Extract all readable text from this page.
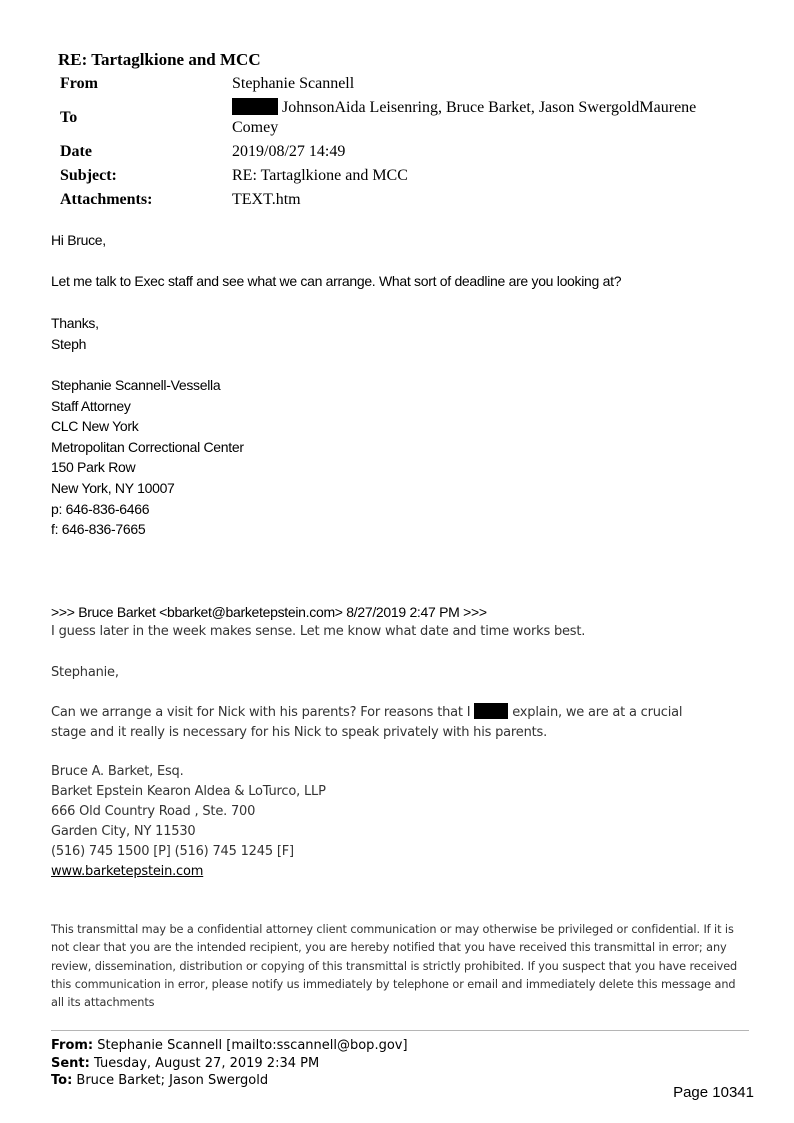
RE: Tartaglkione and MCC
From	Stephanie Scannell
To	JohnsonAida Leisenring, Bruce Barket, Jason SwergoldMaurene
Comey
Date	2019/08/27 14:49
Subject:	RE: Tartaglkione and MCC
Attachments:	TEXT.htm
Hi Bruce,
Let me talk to Exec staff and see what we can arrange. What sort of deadline are you looking at?
Thanks,
Steph
Stephanie Scannell-Vessella
Staff Attorney
CLC New York
Metropolitan Correctional Center
150 Park Row
New York, NY 10007
p: 646-836-6466
f: 646-836-7665
>>> Bruce Barket <bbarket@barketepstein.com> 8/27/2019 2:47 PM >>>
I guess later in the week makes sense. Let me know what date and time works best.
Stephanie,
Can we arrange a visit for Nick with his parents? For reasons that I	explain, we are at a crucial
stage and it really is necessary for his Nick to speak privately with his parents.
Bruce A. Barket, Esq.
Barket Epstein Kearon Aldea & LoTurco, LLP
666 Old Country Road , Ste. 700
Garden City, NY 11530
(516) 745 1500 [P] (516) 745 1245 [F]
www.barketepstein.com
This transmittal may be a confidential attorney client communication or may otherwise be privileged or confidential. If it is not clear that you are the intended recipient, you are hereby notified that you have received this transmittal in error; any review, dissemination, distribution or copying of this transmittal is strictly prohibited. If you suspect that you have received this communication in error, please notify us immediately by telephone or email and immediately delete this message and all its attachments
From: Stephanie Scannell [mailto:sscannell@bop.gov]
Sent: Tuesday, August 27, 2019 2:34 PM
To: Bruce Barket; Jason Swergold
Page 10341
